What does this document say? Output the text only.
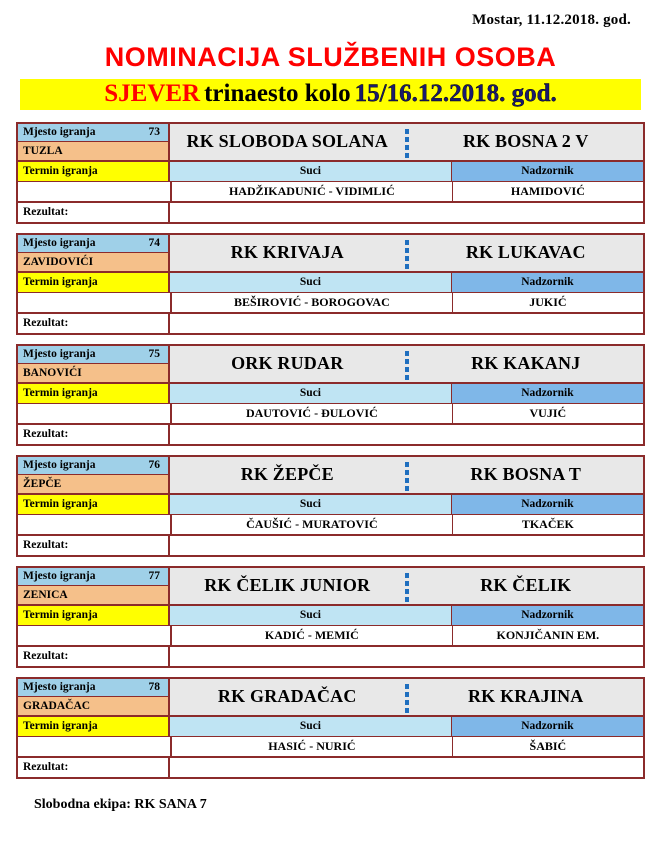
Mostar, 11.12.2018. god.
NOMINACIJA SLUŽBENIH OSOBA
SJEVER trinaesto kolo 15/16.12.2018. god.
Mjesto igranja	73
TUZLA	RK SLOBODA SOLANA	RK BOSNA 2 V
Termin igranja	Suci	Nadzornik
HADŽIKADUNIĆ - VIDIMLIĆ	HAMIDOVIĆ
Rezultat:
Mjesto igranja	74
ZAVIDOVIĆI	RK KRIVAJA	RK LUKAVAC
Termin igranja	Suci	Nadzornik
BEŠIROVIĆ - BOROGOVAC	JUKIĆ
Rezultat:
Mjesto igranja	75
BANOVIĆI	ORK RUDAR	RK KAKANJ
Termin igranja	Suci	Nadzornik
DAUTOVIĆ - ĐULOVIĆ	VUJIĆ
Rezultat:
Mjesto igranja	76
ŽEPČE	RK ŽEPČE	RK BOSNA T
Termin igranja	Suci	Nadzornik
ČAUŠIĆ - MURATOVIĆ	TKAČEK
Rezultat:
Mjesto igranja	77
ZENICA	RK ČELIK JUNIOR	RK ČELIK
Termin igranja	Suci	Nadzornik
KADIĆ - MEMIĆ	KONJIČANIN EM.
Rezultat:
Mjesto igranja	78
GRADAČAC	RK GRADAČAC	RK KRAJINA
Termin igranja	Suci	Nadzornik
HASIĆ - NURIĆ	ŠABIĆ
Rezultat:
Slobodna ekipa: RK SANA 7
